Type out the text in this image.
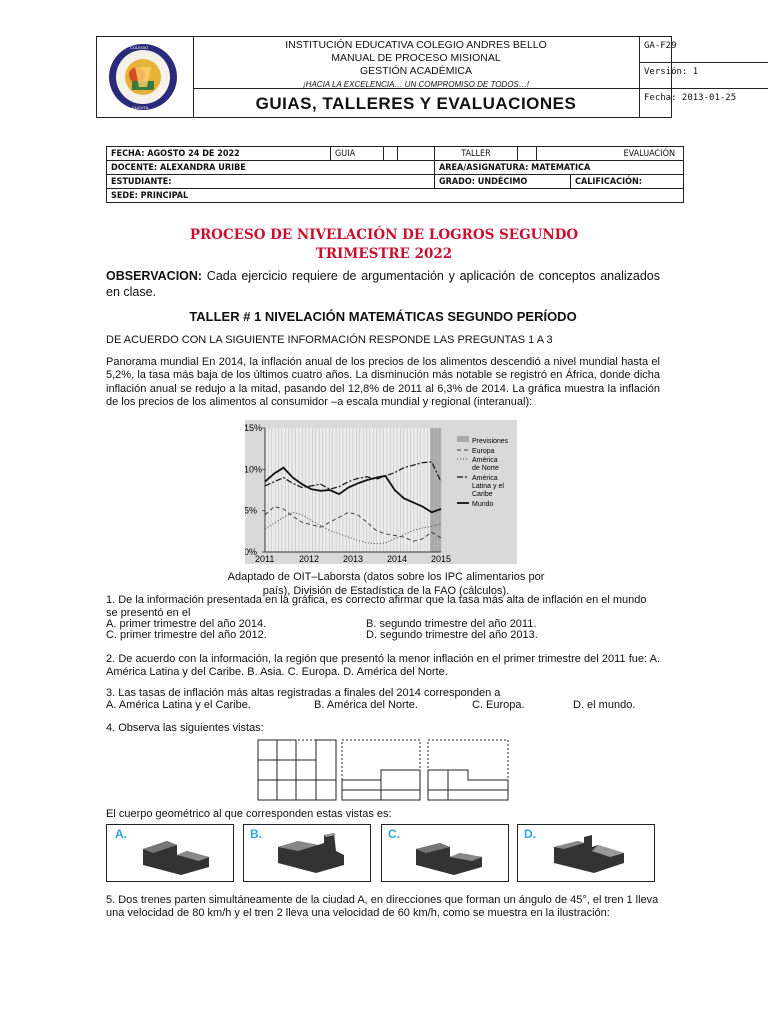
COLEGIO
CUCUTA
INSTITUCIÓN EDUCATIVA COLEGIO ANDRES BELLO
MANUAL DE PROCESO MISIONAL
GESTIÓN ACADÉMICA
¡HACIA LA EXCELENCIA… UN COMPROMISO DE TODOS…!
GUIAS, TALLERES Y EVALUACIONES
GA-F29
Versión: 1
Fecha: 2013-01-25
FECHA: AGOSTO 24 DE 2022	GUIA			TALLER		EVALUACIÓN	
DOCENTE: ALEXANDRA URIBE				AREA/ASIGNATURA: MATEMATICA			
ESTUDIANTE:				GRADO: UNDÉCIMO			CALIFICACIÓN:
SEDE: PRINCIPAL							
PROCESO DE NIVELACIÓN DE LOGROS SEGUNDO
TRIMESTRE 2022
OBSERVACION: Cada ejercicio requiere de argumentación y aplicación de conceptos analizados en clase.
TALLER # 1 NIVELACIÓN MATEMÁTICAS SEGUNDO PERÍODO
DE ACUERDO CON LA SIGUIENTE INFORMACIÓN RESPONDE LAS PREGUNTAS 1 A 3
Panorama mundial En 2014, la inflación anual de los precios de los alimentos descendió a nivel mundial hasta el 5,2%, la tasa más baja de los últimos cuatro años. La disminución más notable se registró en África, donde dicha inflación anual se redujo a la mitad, pasando del 12,8% de 2011 al 6,3% de 2014. La gráfica muestra la inflación de los precios de los alimentos al consumidor –a escala mundial y regional (interanual):
15%
10%
5%
0%
2011	2012	2013	2014	2015
Previsiones
Europa
América
de Norte
América
Latina y el
Caribe
Mundo
Adaptado de OIT–Laborsta (datos sobre los IPC alimentarios por
país), División de Estadística de la FAO (cálculos).
1. De la información presentada en la gráfica, es correcto afirmar que la tasa más alta de inflación en el mundo se presentó en el
A. primer trimestre del año 2014.	B. segundo trimestre del año 2011.
C. primer trimestre del año 2012.	D. segundo trimestre del año 2013.
2. De acuerdo con la información, la región que presentó la menor inflación en el primer trimestre del 2011 fue: A. América Latina y del Caribe. B. Asia. C. Europa. D. América del Norte.
3. Las tasas de inflación más altas registradas a finales del 2014 corresponden a
A. América Latina y el Caribe.	B. América del Norte.	C. Europa.	D. el mundo.
4. Observa las siguientes vistas:
El cuerpo geométrico al que corresponden estas vistas es:
A.	B.	C.	D.
5. Dos trenes parten simultáneamente de la ciudad A, en direcciones que forman un ángulo de 45°, el tren 1 lleva una velocidad de 80 km/h y el tren 2 lleva una velocidad de 60 km/h, como se muestra en la ilustración:
